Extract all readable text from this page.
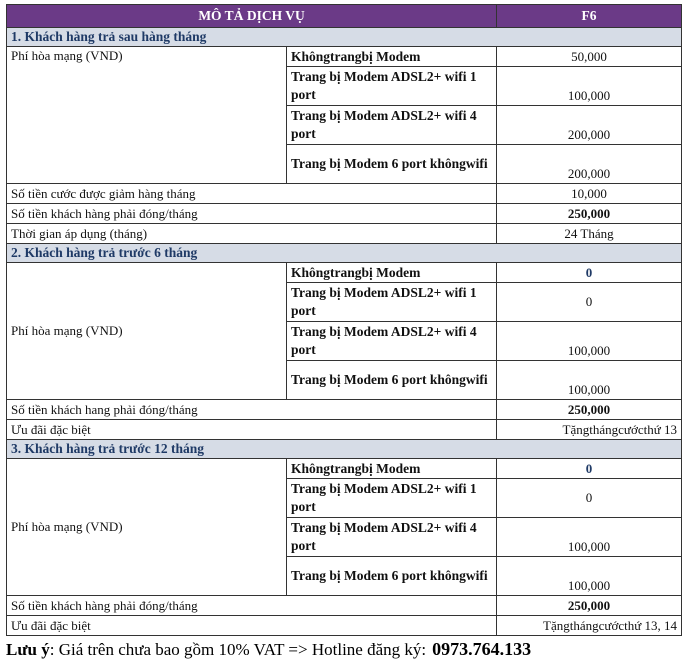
MÔ TẢ DỊCH VỤ		F6
1. Khách hàng trả sau hàng tháng		
Phí hòa mạng (VND)	Khôngtrangbị Modem	50,000
	Trang bị Modem ADSL2+ wifi 1 port	100,000
	Trang bị Modem ADSL2+ wifi 4 port	200,000
	Trang bị Modem 6 port khôngwifi	200,000
Số tiền cước được giảm hàng tháng		10,000
Số tiền khách hàng phải đóng/tháng		250,000
Thời gian áp dụng (tháng)		24 Tháng
2. Khách hàng trả trước 6 tháng		
Phí hòa mạng (VND)	Khôngtrangbị Modem	0
	Trang bị Modem ADSL2+ wifi 1 port	0
	Trang bị Modem ADSL2+ wifi 4 port	100,000
	Trang bị Modem 6 port khôngwifi	100,000
Số tiền khách hang phải đóng/tháng		250,000
Ưu đãi đặc biệt		Tặngthángcướcthứ 13
3. Khách hàng trả trước 12 tháng		
Phí hòa mạng (VND)	Khôngtrangbị Modem	0
	Trang bị Modem ADSL2+ wifi 1 port	0
	Trang bị Modem ADSL2+ wifi 4 port	100,000
	Trang bị Modem 6 port khôngwifi	100,000
Số tiền khách hàng phải đóng/tháng		250,000
Ưu đãi đặc biệt		Tặngthángcướcthứ 13, 14
Lưu ý: Giá trên chưa bao gồm 10% VAT => Hotline đăng ký: 0973.764.133
